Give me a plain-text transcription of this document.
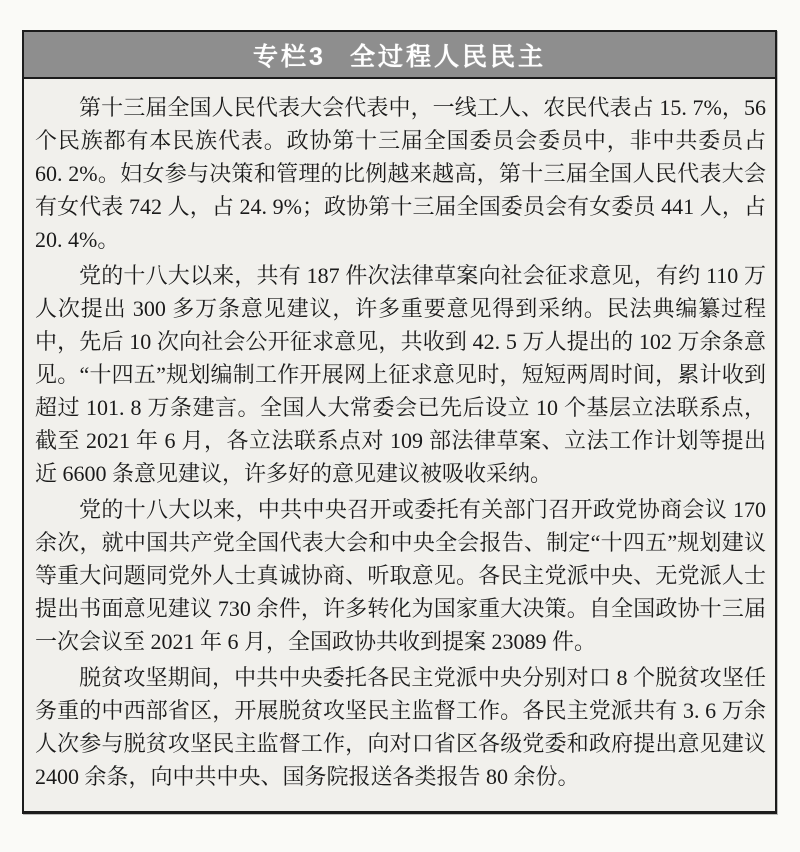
专栏3 全过程人民民主

第十三届全国人民代表大会代表中，一线工人、农民代表占 15. 7%，56 个民族都有本民族代表。政协第十三届全国委员会委员中，非中共委员占 60. 2%。妇女参与决策和管理的比例越来越高，第十三届全国人民代表大会有女代表 742 人，占 24. 9%；政协第十三届全国委员会有女委员 441 人，占 20. 4%。

党的十八大以来，共有 187 件次法律草案向社会征求意见，有约 110 万人次提出 300 多万条意见建议，许多重要意见得到采纳。民法典编纂过程中，先后 10 次向社会公开征求意见，共收到 42. 5 万人提出的 102 万余条意见。“十四五”规划编制工作开展网上征求意见时，短短两周时间，累计收到超过 101. 8 万条建言。全国人大常委会已先后设立 10 个基层立法联系点，截至 2021 年 6 月，各立法联系点对 109 部法律草案、立法工作计划等提出近 6600 条意见建议，许多好的意见建议被吸收采纳。

党的十八大以来，中共中央召开或委托有关部门召开政党协商会议 170 余次，就中国共产党全国代表大会和中央全会报告、制定“十四五”规划建议等重大问题同党外人士真诚协商、听取意见。各民主党派中央、无党派人士提出书面意见建议 730 余件，许多转化为国家重大决策。自全国政协十三届一次会议至 2021 年 6 月，全国政协共收到提案 23089 件。

脱贫攻坚期间，中共中央委托各民主党派中央分别对口 8 个脱贫攻坚任务重的中西部省区，开展脱贫攻坚民主监督工作。各民主党派共有 3. 6 万余人次参与脱贫攻坚民主监督工作，向对口省区各级党委和政府提出意见建议 2400 余条，向中共中央、国务院报送各类报告 80 余份。
